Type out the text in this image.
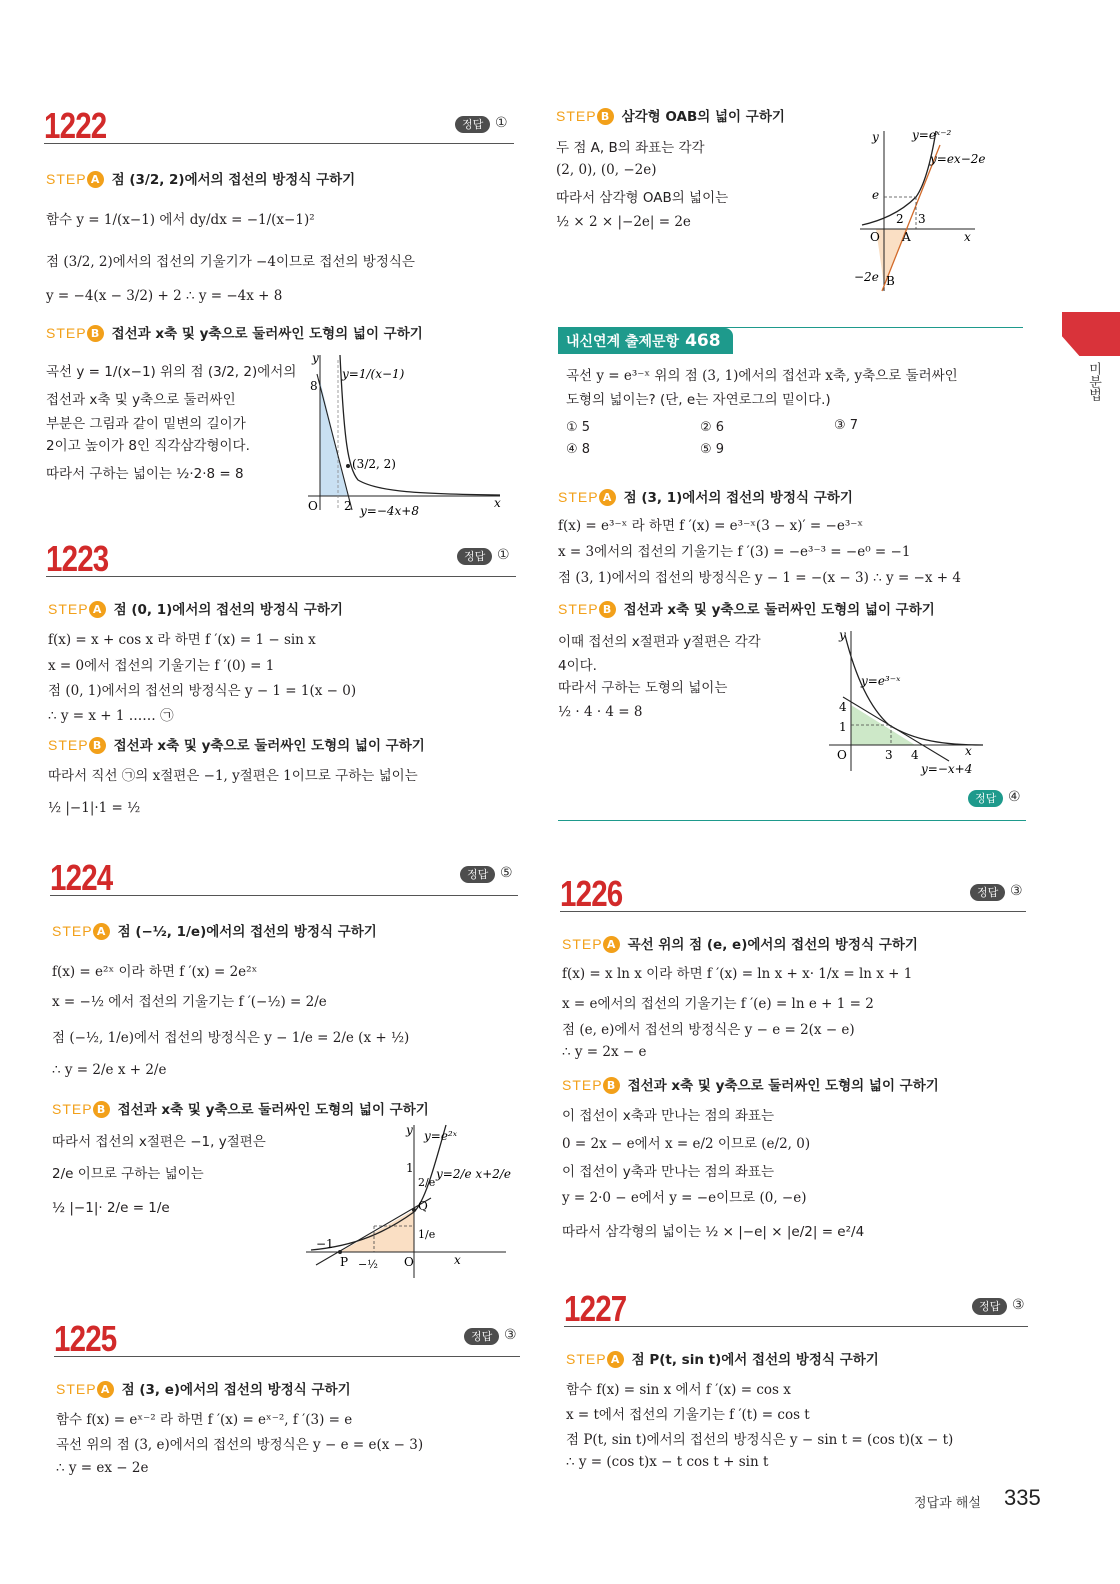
미분법
1222	정답 ①
STEP A 점 (3/2, 2)에서의 접선의 방정식 구하기
함수 y = 1/(x−1) 에서 dy/dx = −1/(x−1)²
점 (3/2, 2)에서의 접선의 기울기가 −4이므로 접선의 방정식은
y = −4(x − 3/2) + 2 ∴ y = −4x + 8
STEP B 접선과 x축 및 y축으로 둘러싸인 도형의 넓이 구하기
곡선 y = 1/(x−1) 위의 점 (3/2, 2)에서의
접선과 x축 및 y축으로 둘러싸인
부분은 그림과 같이 밑변의 길이가
2이고 높이가 8인 직각삼각형이다.
따라서 구하는 넓이는 ½·2·8 = 8
y
x
O
8
2
(3/2, 2)
y=1/(x−1)
y=−4x+8
1223	정답 ①
STEP A 점 (0, 1)에서의 접선의 방정식 구하기
f(x) = x + cos x 라 하면 f ′(x) = 1 − sin x
x = 0에서 접선의 기울기는 f ′(0) = 1
점 (0, 1)에서의 접선의 방정식은 y − 1 = 1(x − 0)
∴ y = x + 1 …… ㉠
STEP B 접선과 x축 및 y축으로 둘러싸인 도형의 넓이 구하기
따라서 직선 ㉠의 x절편은 −1, y절편은 1이므로 구하는 넓이는
½ |−1|·1 = ½
1224	정답 ⑤
STEP A 점 (−½, 1/e)에서의 접선의 방정식 구하기
f(x) = e²ˣ 이라 하면 f ′(x) = 2e²ˣ
x = −½ 에서 접선의 기울기는 f ′(−½) = 2/e
점 (−½, 1/e)에서 접선의 방정식은 y − 1/e = 2/e (x + ½)
∴ y = 2/e x + 2/e
STEP B 접선과 x축 및 y축으로 둘러싸인 도형의 넓이 구하기
따라서 접선의 x절편은 −1, y절편은
2/e 이므로 구하는 넓이는
½ |−1|· 2/e = 1/e
y
x
O
P
Q
−1
−½
1
2/e
1/e
y=e²ˣ
y=2/e x+2/e
1225	정답 ③
STEP A 점 (3, e)에서의 접선의 방정식 구하기
함수 f(x) = eˣ⁻² 라 하면 f ′(x) = eˣ⁻², f ′(3) = e
곡선 위의 점 (3, e)에서의 접선의 방정식은 y − e = e(x − 3)
∴ y = ex − 2e
STEP B 삼각형 OAB의 넓이 구하기
두 점 A, B의 좌표는 각각
(2, 0), (0, −2e)
따라서 삼각형 OAB의 넓이는
½ × 2 × |−2e| = 2e
y
x
O
e
2 3
A
B
−2e
y=eˣ⁻²
y=ex−2e
내신연계 출제문항 468
곡선 y = e³⁻ˣ 위의 점 (3, 1)에서의 접선과 x축, y축으로 둘러싸인
도형의 넓이는? (단, e는 자연로그의 밑이다.)
① 5	② 6	③ 7
④ 8	⑤ 9
STEP A 점 (3, 1)에서의 접선의 방정식 구하기
f(x) = e³⁻ˣ 라 하면 f ′(x) = e³⁻ˣ(3 − x)′ = −e³⁻ˣ
x = 3에서의 접선의 기울기는 f ′(3) = −e³⁻³ = −e⁰ = −1
점 (3, 1)에서의 접선의 방정식은 y − 1 = −(x − 3) ∴ y = −x + 4
STEP B 접선과 x축 및 y축으로 둘러싸인 도형의 넓이 구하기
이때 접선의 x절편과 y절편은 각각
4이다.
따라서 구하는 도형의 넓이는
½ · 4 · 4 = 8
y
x
O
4
1
3 4
y=e³⁻ˣ
y=−x+4
정답 ④
1226	정답 ③
STEP A 곡선 위의 점 (e, e)에서의 접선의 방정식 구하기
f(x) = x ln x 이라 하면 f ′(x) = ln x + x· 1/x = ln x + 1
x = e에서의 접선의 기울기는 f ′(e) = ln e + 1 = 2
점 (e, e)에서 접선의 방정식은 y − e = 2(x − e)
∴ y = 2x − e
STEP B 접선과 x축 및 y축으로 둘러싸인 도형의 넓이 구하기
이 접선이 x축과 만나는 점의 좌표는
0 = 2x − e에서 x = e/2 이므로 (e/2, 0)
이 접선이 y축과 만나는 점의 좌표는
y = 2·0 − e에서 y = −e이므로 (0, −e)
따라서 삼각형의 넓이는 ½ × |−e| × |e/2| = e²/4
1227	정답 ③
STEP A 점 P(t, sin t)에서 접선의 방정식 구하기
함수 f(x) = sin x 에서 f ′(x) = cos x
x = t에서 접선의 기울기는 f ′(t) = cos t
점 P(t, sin t)에서의 접선의 방정식은 y − sin t = (cos t)(x − t)
∴ y = (cos t)x − t cos t + sin t
정답과 해설 335
